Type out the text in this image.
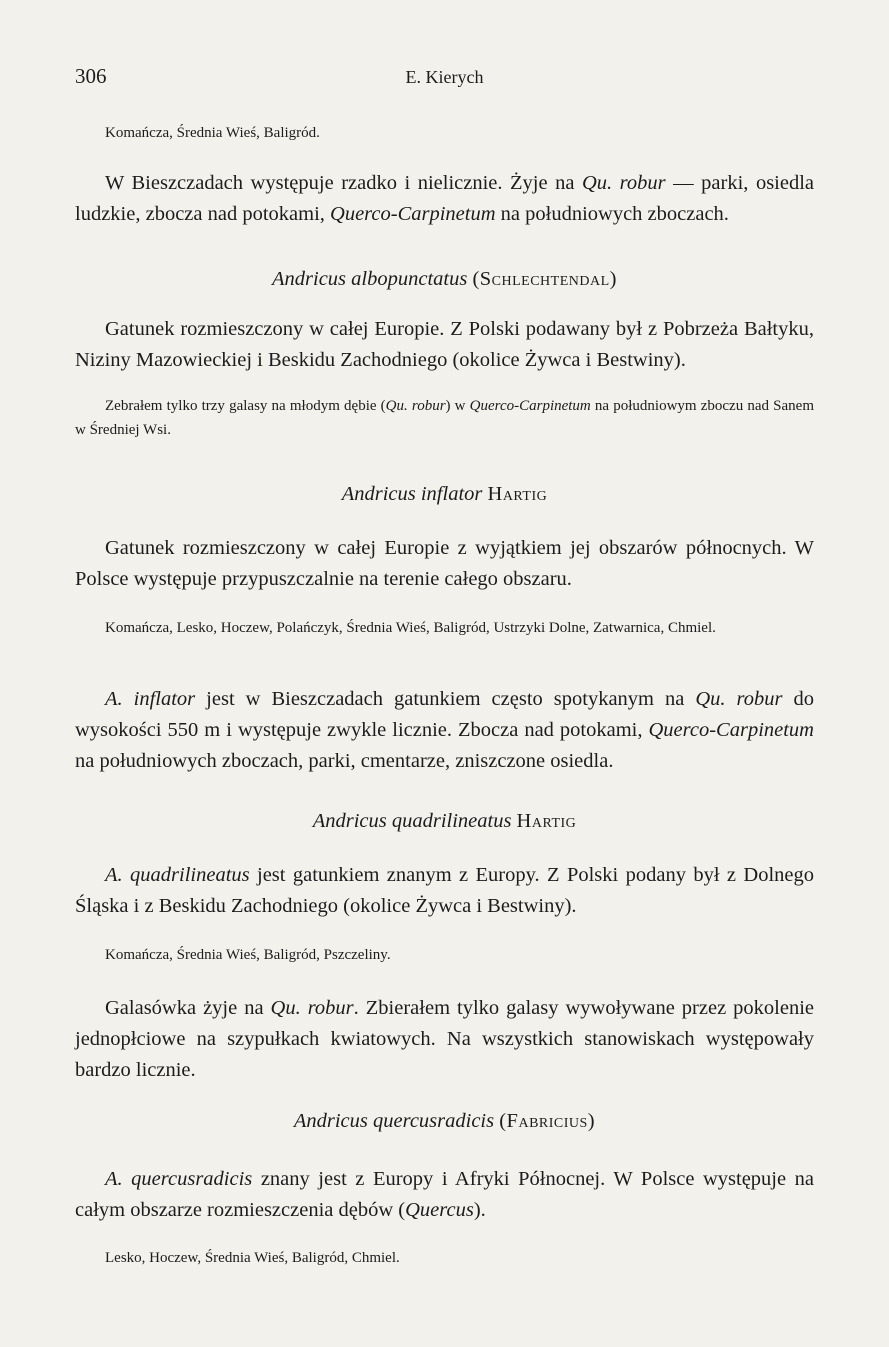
306	E. Kierych

Komańcza, Średnia Wieś, Baligród.

W Bieszczadach występuje rzadko i nielicznie. Żyje na Qu. robur — parki, osiedla ludzkie, zbocza nad potokami, Querco-Carpinetum na południowych zboczach.

Andricus albopunctatus (Schlechtendal)

Gatunek rozmieszczony w całej Europie. Z Polski podawany był z Pobrzeża Bałtyku, Niziny Mazowieckiej i Beskidu Zachodniego (okolice Żywca i Bestwiny).

Zebrałem tylko trzy galasy na młodym dębie (Qu. robur) w Querco-Carpinetum na południowym zboczu nad Sanem w Średniej Wsi.

Andricus inflator Hartig

Gatunek rozmieszczony w całej Europie z wyjątkiem jej obszarów północnych. W Polsce występuje przypuszczalnie na terenie całego obszaru.

Komańcza, Lesko, Hoczew, Polańczyk, Średnia Wieś, Baligród, Ustrzyki Dolne, Zatwarnica, Chmiel.

A. inflator jest w Bieszczadach gatunkiem często spotykanym na Qu. robur do wysokości 550 m i występuje zwykle licznie. Zbocza nad potokami, Querco-Carpinetum na południowych zboczach, parki, cmentarze, zniszczone osiedla.

Andricus quadrilineatus Hartig

A. quadrilineatus jest gatunkiem znanym z Europy. Z Polski podany był z Dolnego Śląska i z Beskidu Zachodniego (okolice Żywca i Bestwiny).

Komańcza, Średnia Wieś, Baligród, Pszczeliny.

Galasówka żyje na Qu. robur. Zbierałem tylko galasy wywoływane przez pokolenie jednopłciowe na szypułkach kwiatowych. Na wszystkich stanowiskach występowały bardzo licznie.

Andricus quercusradicis (Fabricius)

A. quercusradicis znany jest z Europy i Afryki Północnej. W Polsce występuje na całym obszarze rozmieszczenia dębów (Quercus).

Lesko, Hoczew, Średnia Wieś, Baligród, Chmiel.
